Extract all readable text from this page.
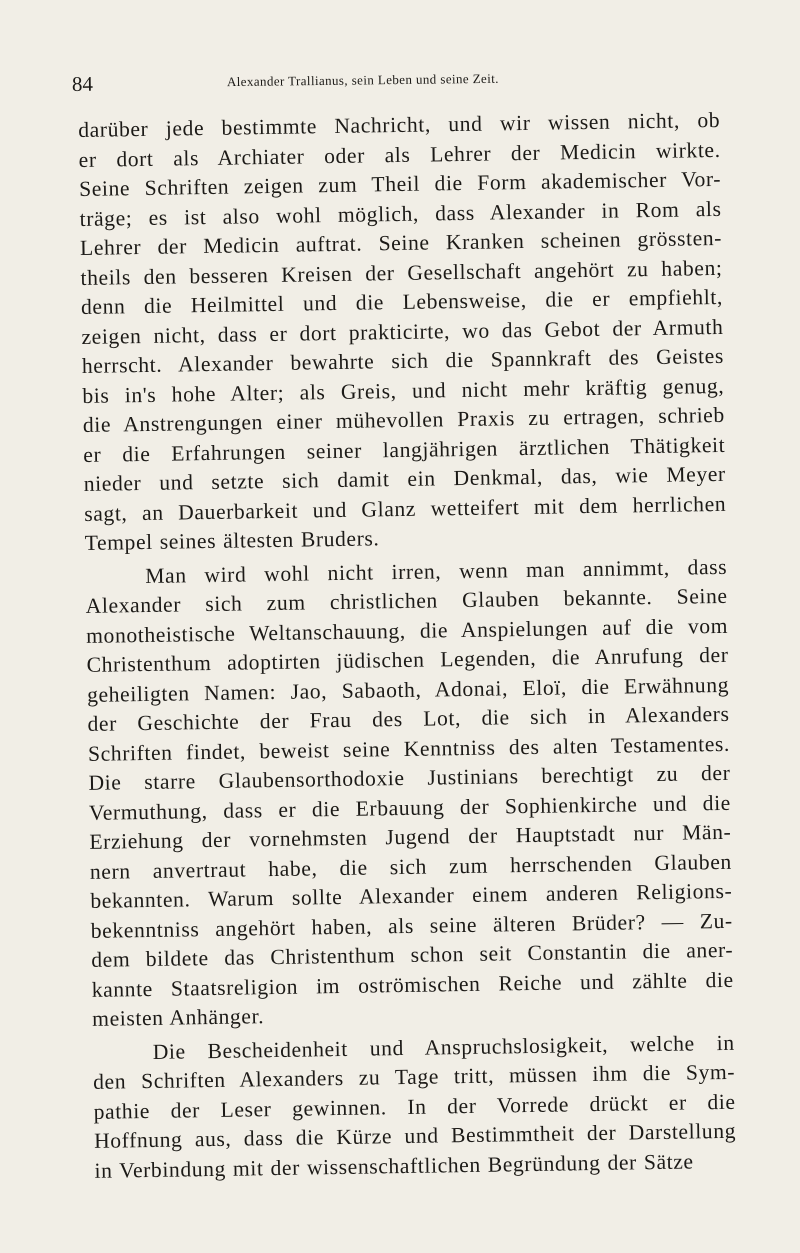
84	Alexander Trallianus, sein Leben und seine Zeit.
darüber jede bestimmte Nachricht, und wir wissen nicht, ob
er dort als Archiater oder als Lehrer der Medicin wirkte.
Seine Schriften zeigen zum Theil die Form akademischer Vor-
träge; es ist also wohl möglich, dass Alexander in Rom als
Lehrer der Medicin auftrat. Seine Kranken scheinen grössten-
theils den besseren Kreisen der Gesellschaft angehört zu haben;
denn die Heilmittel und die Lebensweise, die er empfiehlt,
zeigen nicht, dass er dort prakticirte, wo das Gebot der Armuth
herrscht. Alexander bewahrte sich die Spannkraft des Geistes
bis in's hohe Alter; als Greis, und nicht mehr kräftig genug,
die Anstrengungen einer mühevollen Praxis zu ertragen, schrieb
er die Erfahrungen seiner langjährigen ärztlichen Thätigkeit
nieder und setzte sich damit ein Denkmal, das, wie Meyer
sagt, an Dauerbarkeit und Glanz wetteifert mit dem herrlichen
Tempel seines ältesten Bruders.
Man wird wohl nicht irren, wenn man annimmt, dass
Alexander sich zum christlichen Glauben bekannte. Seine
monotheistische Weltanschauung, die Anspielungen auf die vom
Christenthum adoptirten jüdischen Legenden, die Anrufung der
geheiligten Namen: Jao, Sabaoth, Adonai, Eloï, die Erwähnung
der Geschichte der Frau des Lot, die sich in Alexanders
Schriften findet, beweist seine Kenntniss des alten Testamentes.
Die starre Glaubensorthodoxie Justinians berechtigt zu der
Vermuthung, dass er die Erbauung der Sophienkirche und die
Erziehung der vornehmsten Jugend der Hauptstadt nur Män-
nern anvertraut habe, die sich zum herrschenden Glauben
bekannten. Warum sollte Alexander einem anderen Religions-
bekenntniss angehört haben, als seine älteren Brüder? — Zu-
dem bildete das Christenthum schon seit Constantin die aner-
kannte Staatsreligion im oströmischen Reiche und zählte die
meisten Anhänger.
Die Bescheidenheit und Anspruchslosigkeit, welche in
den Schriften Alexanders zu Tage tritt, müssen ihm die Sym-
pathie der Leser gewinnen. In der Vorrede drückt er die
Hoffnung aus, dass die Kürze und Bestimmtheit der Darstellung
in Verbindung mit der wissenschaftlichen Begründung der Sätze
